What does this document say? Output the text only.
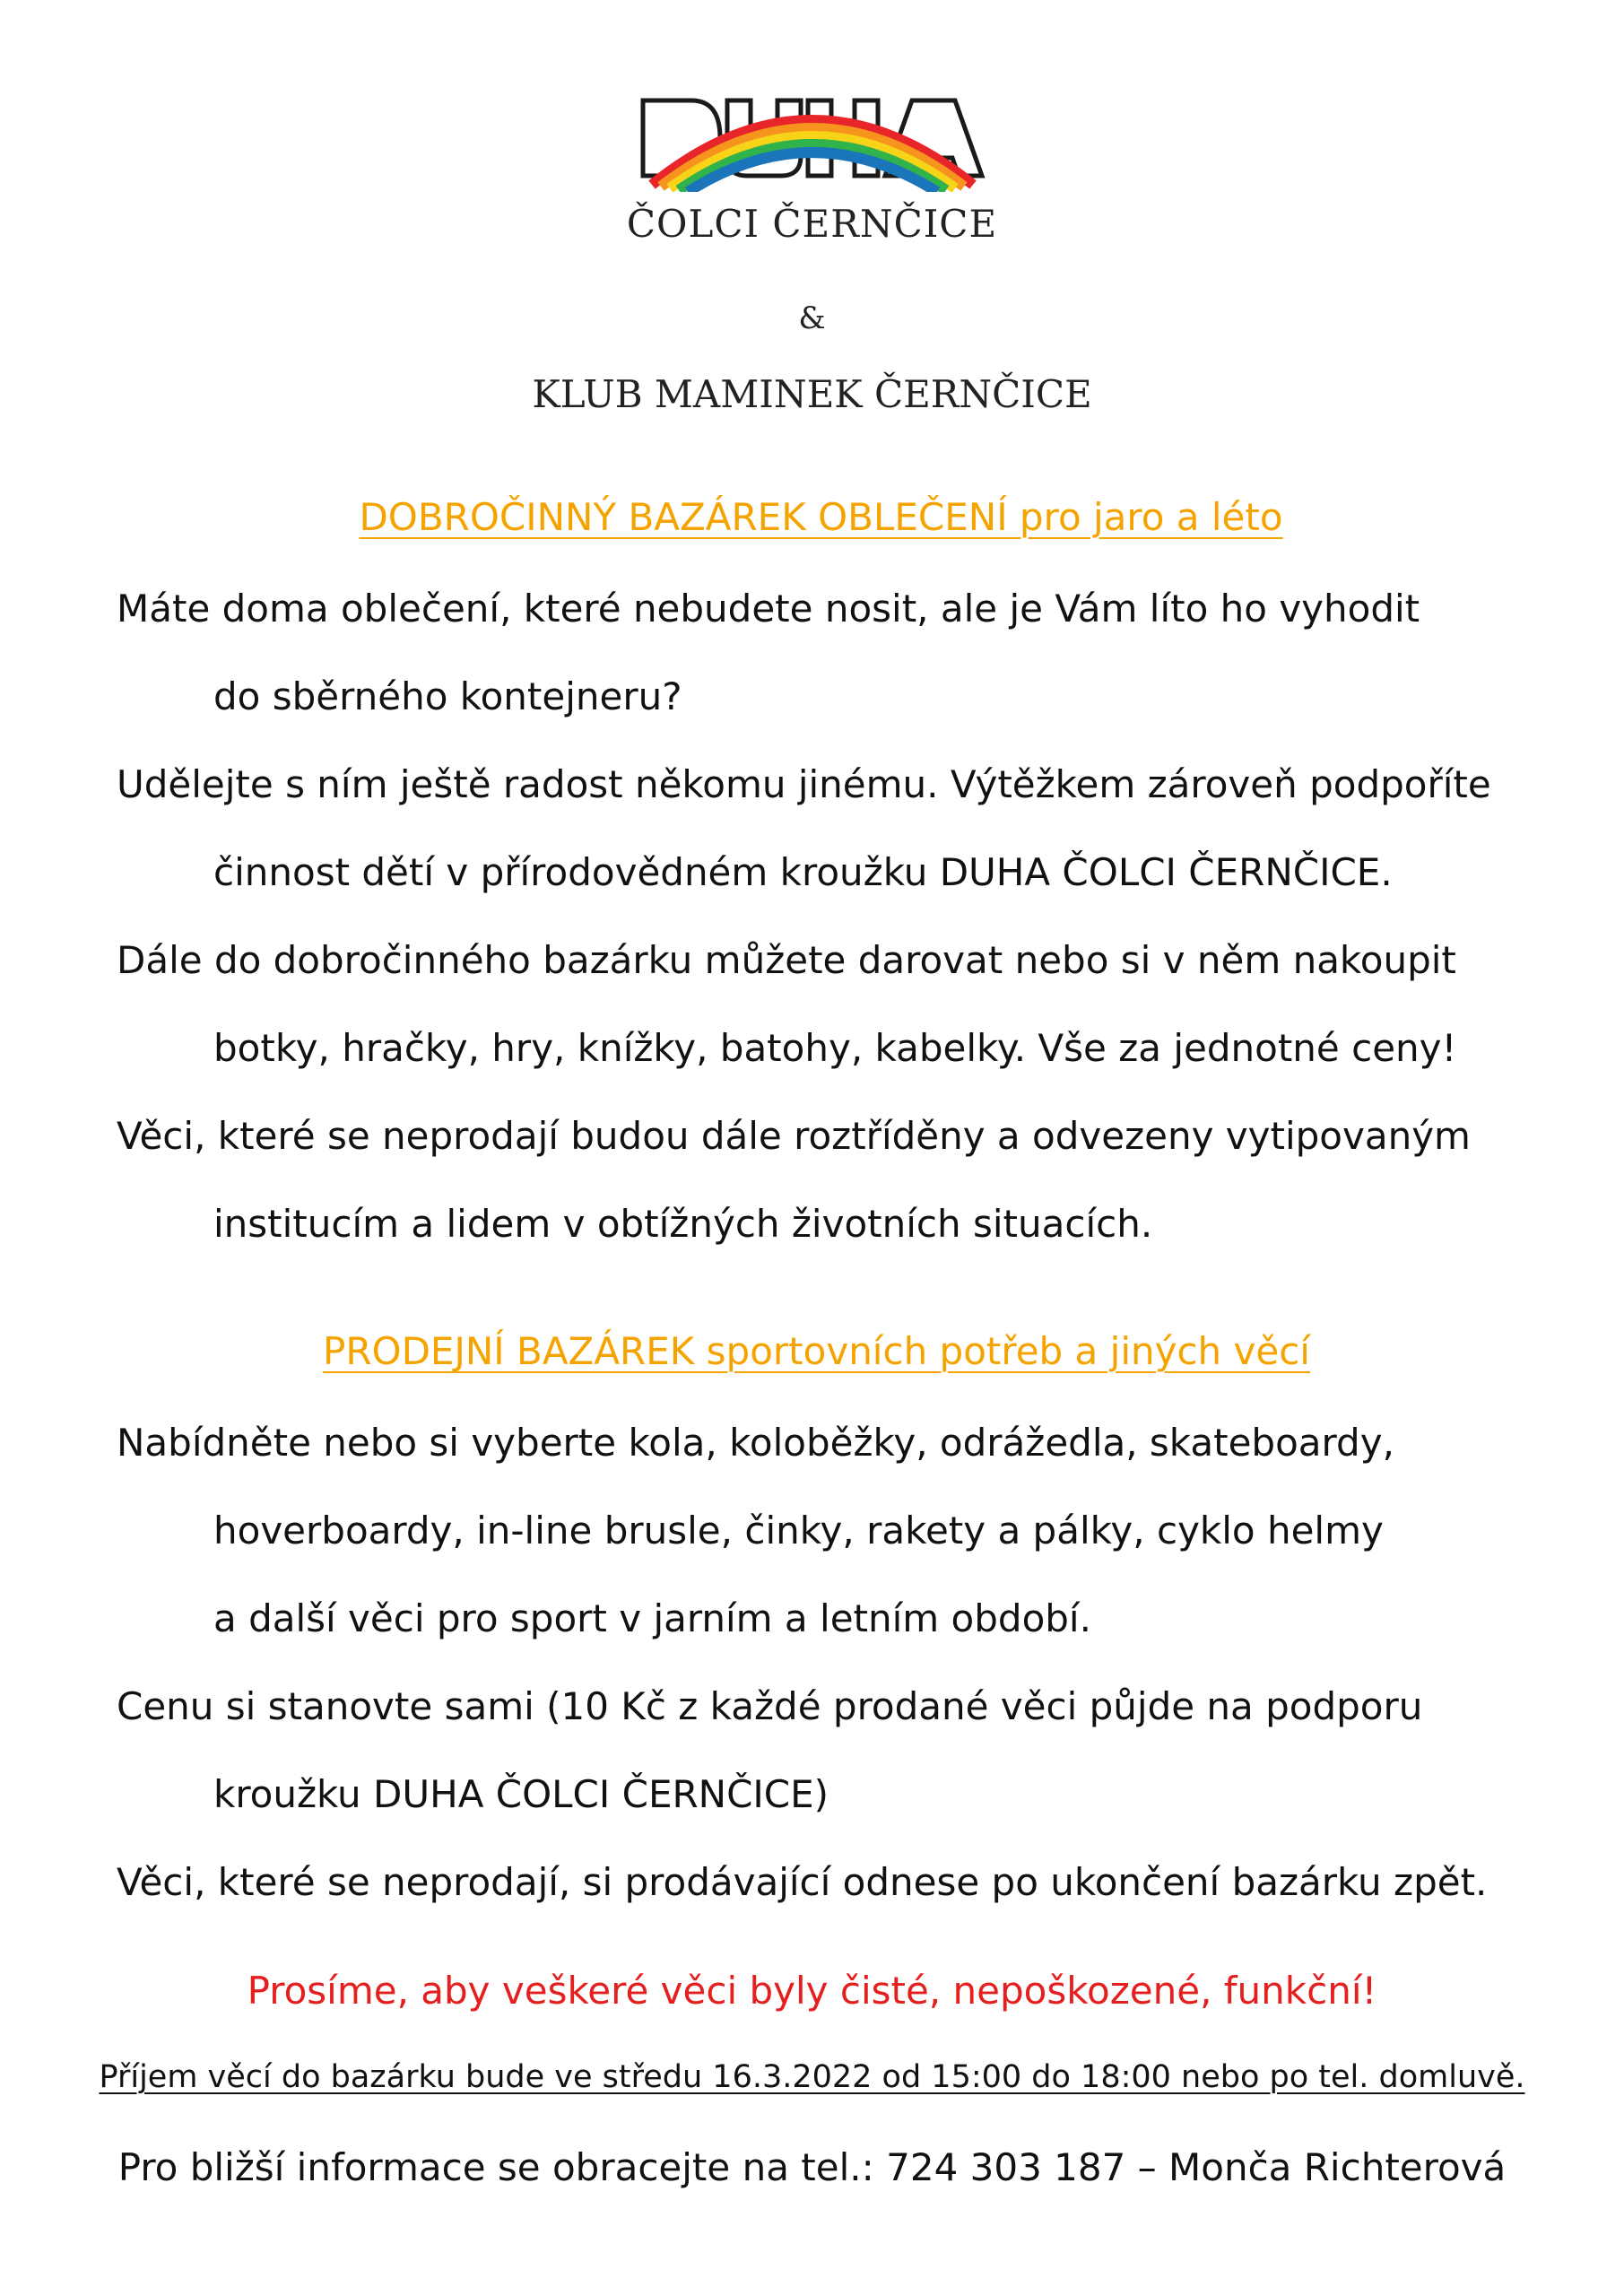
ČOLCI ČERNČICE
&
KLUB MAMINEK ČERNČICE
DOBROČINNÝ BAZÁREK OBLEČENÍ pro jaro a léto
Máte doma oblečení, které nebudete nosit, ale je Vám líto ho vyhodit
do sběrného kontejneru?
Udělejte s ním ještě radost někomu jinému. Výtěžkem zároveň podpoříte
činnost dětí v přírodovědném kroužku DUHA ČOLCI ČERNČICE.
Dále do dobročinného bazárku můžete darovat nebo si v něm nakoupit
botky, hračky, hry, knížky, batohy, kabelky. Vše za jednotné ceny!
Věci, které se neprodají budou dále roztříděny a odvezeny vytipovaným
institucím a lidem v obtížných životních situacích.
PRODEJNÍ BAZÁREK sportovních potřeb a jiných věcí
Nabídněte nebo si vyberte kola, koloběžky, odrážedla, skateboardy,
hoverboardy, in-line brusle, činky, rakety a pálky, cyklo helmy
a další věci pro sport v jarním a letním období.
Cenu si stanovte sami (10 Kč z každé prodané věci půjde na podporu
kroužku DUHA ČOLCI ČERNČICE)
Věci, které se neprodají, si prodávající odnese po ukončení bazárku zpět.
Prosíme, aby veškeré věci byly čisté, nepoškozené, funkční!
Příjem věcí do bazárku bude ve středu 16.3.2022 od 15:00 do 18:00 nebo po tel. domluvě.
Pro bližší informace se obracejte na tel.: 724 303 187 – Monča Richterová
